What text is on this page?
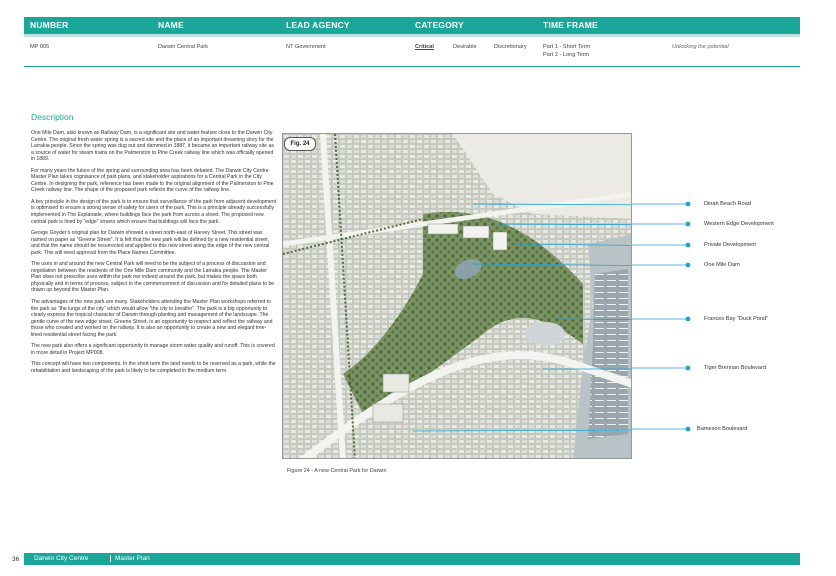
NUMBER	NAME	LEAD AGENCY	CATEGORY	TIME FRAME
MP 005	Darwin Central Park	NT Government	Critical	Desirable	Discretionary	Part 1 - Short Term
Part 2 - Long Term
Unlocking the potential
Description

One Mile Dam, also known as Railway Dam, is a significant site and water feature close to the Darwin City Centre. The original fresh water spring is a sacred site and the place of an important dreaming story for the Larrakia people. Since the spring was dug out and dammed in 1887, it became an important railway site as a source of water for steam trains on the Palmerston to Pine Creek railway line which was officially opened in 1889.

For many years the future of the spring and surrounding area has been debated. The Darwin City Centre Master Plan takes cognisance of past plans, and stakeholder aspirations for a Central Park in the City Centre. In designing the park, reference has been made to the original alignment of the Palmerston to Pine Creek railway line. The shape of the proposed park reflects the curve of the railway line.

A key principle in the design of the park is to ensure that surveillance of the park from adjacent development is optimised to ensure a strong sense of safety for users of the park. This is a principle already successfully implemented in The Esplanade, where buildings face the park from across a street. The proposed new central park is lined by “edge” streets which ensure that buildings will face the park.

George Goyder’s original plan for Darwin showed a street north-east of Harvey Street. This street was named on paper as “Greene Street”. It is felt that the new park will be defined by a new residential street, and that the name should be resurrected and applied to this new street along the edge of the new central park. This will need approval from the Place Names Committee.

The uses in and around the new Central Park will need to be the subject of a process of discussion and negotiation between the residents of the One Mile Dam community and the Larrakia people. The Master Plan does not prescribe uses within the park nor indeed around the park, but makes the space both physically and in terms of process, subject to the commencement of discussion and for detailed plans to be drawn up beyond the Master Plan.

The advantages of the new park are many. Stakeholders attending the Master Plan workshops referred to the park as “the lungs of the city” which would allow “the city to breathe”. The park is a big opportunity to clearly express the tropical character of Darwin through planting and management of the landscape. The gentle curve of the new edge street, Greene Street, is an opportunity to respect and reflect the railway and those who created and worked on the railway. It is also an opportunity to create a new and elegant tree-lined residential street facing the park.

The new park also offers a significant opportunity to manage storm water quality and runoff. This is covered in more detail in Project MP008.

This concept will have two components. In the short term the land needs to be reserved as a park, while the rehabilitation and landscaping of the park is likely to be completed in the medium term.

Fig. 24
Figure 24 - A new Central Park for Darwin
Dinah Beach Road
Western Edge Development
Private Development
One Mile Dam
Frances Bay “Duck Pond”
Tiger Brennan Boulevard
Bameson Boulevard
36 Darwin City Centre	Master Plan
